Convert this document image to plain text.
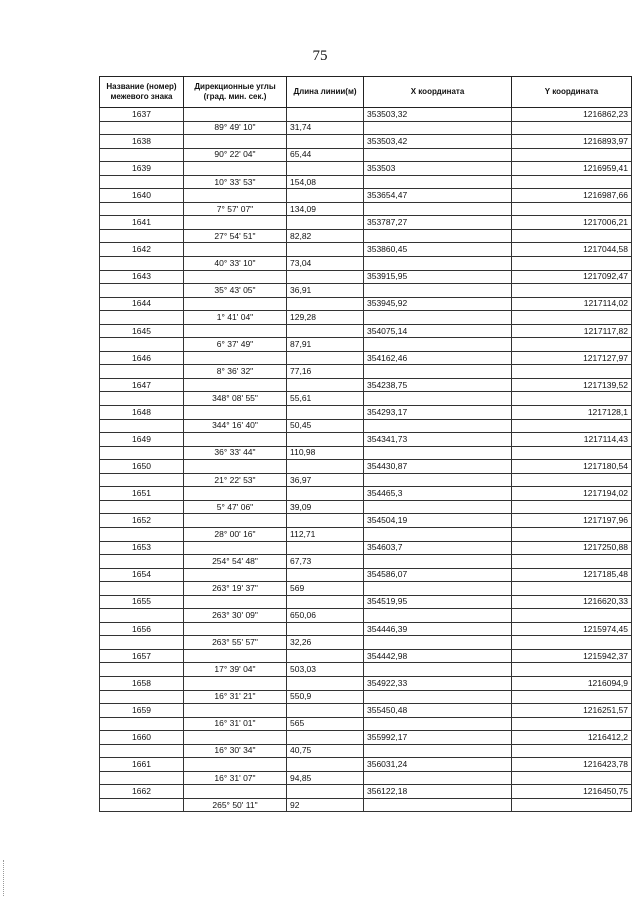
75
Название (номер) межевого знака	Дирекционные углы (град. мин. сек.)	Длина линии(м)	X координата	Y координата
1637			353503,32	1216862,23
	89° 49' 10"	31,74		
1638			353503,42	1216893,97
	90° 22' 04"	65,44		
1639			353503	1216959,41
	10° 33' 53"	154,08		
1640			353654,47	1216987,66
	7° 57' 07"	134,09		
1641			353787,27	1217006,21
	27° 54' 51"	82,82		
1642			353860,45	1217044,58
	40° 33' 10"	73,04		
1643			353915,95	1217092,47
	35° 43' 05"	36,91		
1644			353945,92	1217114,02
	1° 41' 04"	129,28		
1645			354075,14	1217117,82
	6° 37' 49"	87,91		
1646			354162,46	1217127,97
	8° 36' 32"	77,16		
1647			354238,75	1217139,52
	348° 08' 55"	55,61		
1648			354293,17	1217128,1
	344° 16' 40"	50,45		
1649			354341,73	1217114,43
	36° 33' 44"	110,98		
1650			354430,87	1217180,54
	21° 22' 53"	36,97		
1651			354465,3	1217194,02
	5° 47' 06"	39,09		
1652			354504,19	1217197,96
	28° 00' 16"	112,71		
1653			354603,7	1217250,88
	254° 54' 48"	67,73		
1654			354586,07	1217185,48
	263° 19' 37"	569		
1655			354519,95	1216620,33
	263° 30' 09"	650,06		
1656			354446,39	1215974,45
	263° 55' 57"	32,26		
1657			354442,98	1215942,37
	17° 39' 04"	503,03		
1658			354922,33	1216094,9
	16° 31' 21"	550,9		
1659			355450,48	1216251,57
	16° 31' 01"	565		
1660			355992,17	1216412,2
	16° 30' 34"	40,75		
1661			356031,24	1216423,78
	16° 31' 07"	94,85		
1662			356122,18	1216450,75
	265° 50' 11"	92		
